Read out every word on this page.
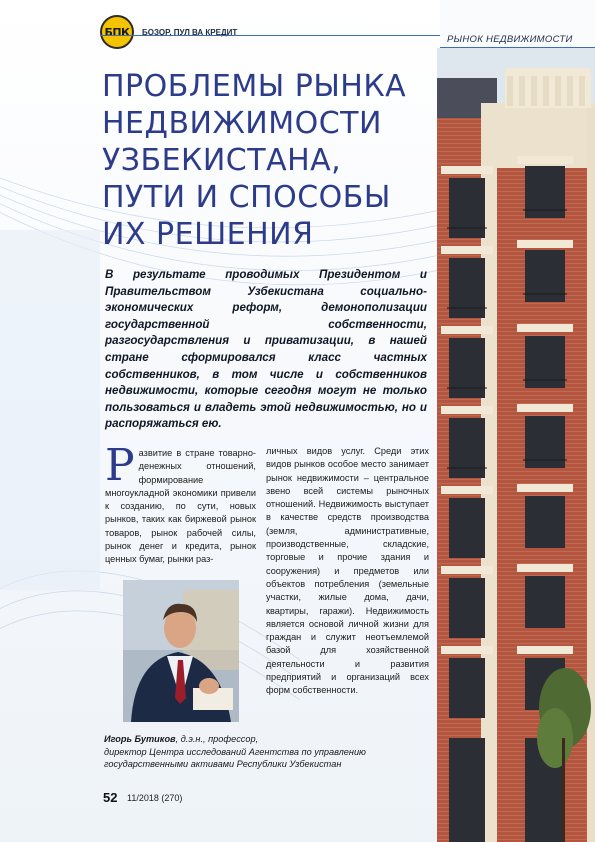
БПК БОЗОР, ПУЛ ВА КРЕДИТ
РЫНОК НЕДВИЖИМОСТИ
ПРОБЛЕМЫ РЫНКА
НЕДВИЖИМОСТИ
УЗБЕКИСТАНА,
ПУТИ И СПОСОБЫ
ИХ РЕШЕНИЯ

В результате проводимых Президентом и Правительством Узбекистана социально-экономических реформ, демонополизации государственной собственности, разгосударствления и приватизации, в нашей стране сформировался класс частных собственников, в том числе и собственников недвижимости, которые сегодня могут не только пользоваться и владеть этой недвижимостью, но и распоряжаться ею.

Развитие в стране товарно-денежных отношений, формирование многоукладной экономики привели к созданию, по сути, новых рынков, таких как биржевой рынок товаров, рынок рабочей силы, рынок денег и кредита, рынок ценных бумаг, рынки раз-

личных видов услуг. Среди этих видов рынков особое место занимает рынок недвижимости – центральное звено всей системы рыночных отношений. Недвижимость выступает в качестве средств производства (земля, административные, производственные, складские, торговые и прочие здания и сооружения) и предметов или объектов потребления (земельные участки, жилые дома, дачи, квартиры, гаражи). Недвижимость является основой личной жизни для граждан и служит неотъемлемой базой для хозяйственной деятельности и развития предприятий и организаций всех форм собственности.

Игорь Бутиков, д.э.н., профессор,
директор Центра исследований Агентства по управлению государственными активами Республики Узбекистан

52 11/2018 (270)
